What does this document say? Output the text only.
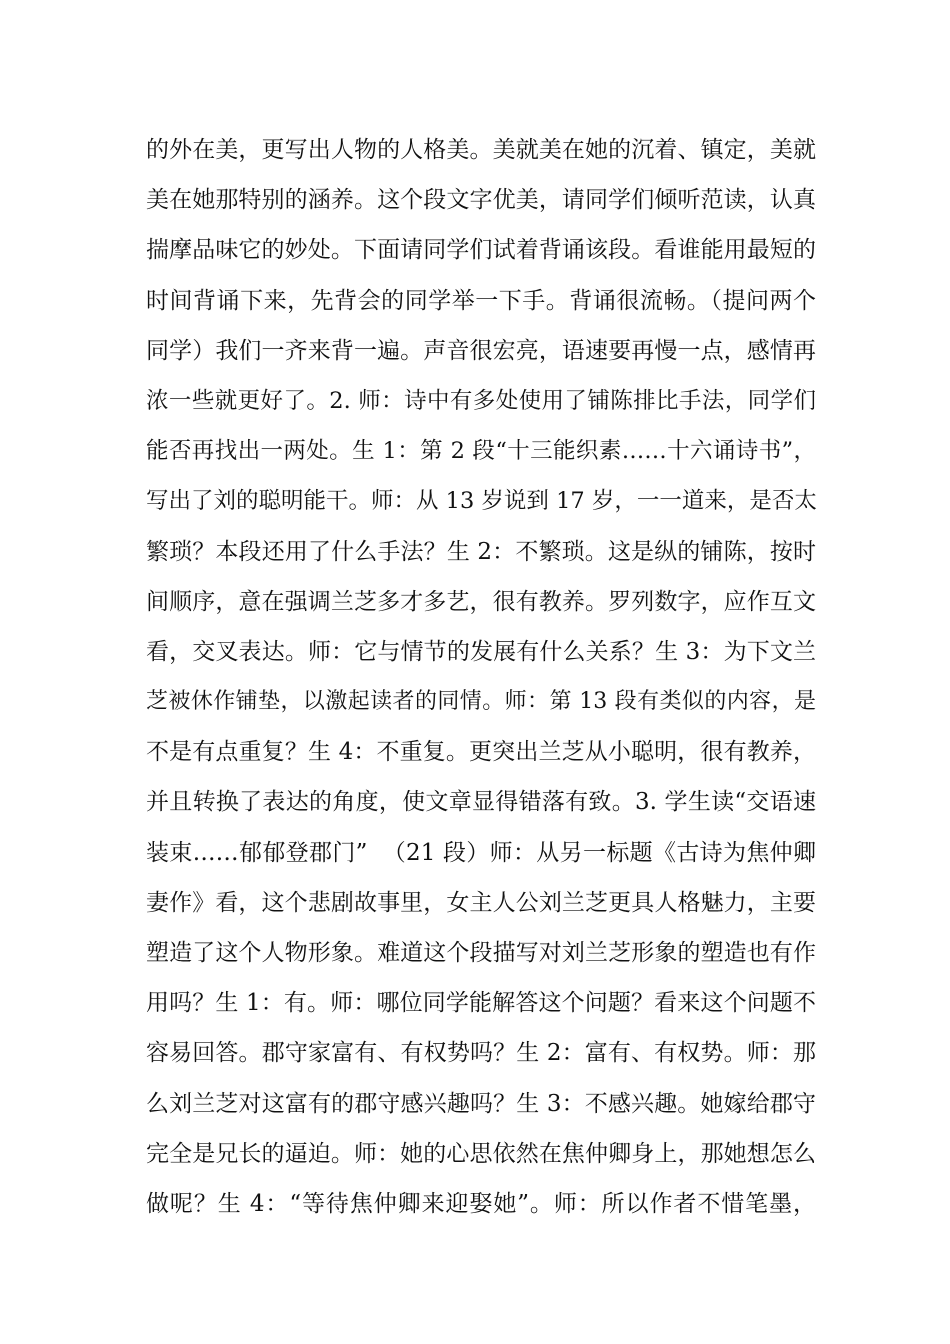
的外在美，更写出人物的人格美。美就美在她的沉着、镇定，美就
美在她那特别的涵养。这个段文字优美，请同学们倾听范读，认真
揣摩品味它的妙处。下面请同学们试着背诵该段。看谁能用最短的
时间背诵下来，先背会的同学举一下手。背诵很流畅。（提问两个
同学）我们一齐来背一遍。声音很宏亮，语速要再慢一点，感情再
浓一些就更好了。2. 师：诗中有多处使用了铺陈排比手法，同学们
能否再找出一两处。生 1：第 2 段“十三能织素……十六诵诗书”，
写出了刘的聪明能干。师：从 13 岁说到 17 岁，一一道来，是否太
繁琐？本段还用了什么手法？生 2：不繁琐。这是纵的铺陈，按时
间顺序，意在强调兰芝多才多艺，很有教养。罗列数字，应作互文
看，交叉表达。师：它与情节的发展有什么关系？生 3：为下文兰
芝被休作铺垫，以激起读者的同情。师：第 13 段有类似的内容，是
不是有点重复？生 4：不重复。更突出兰芝从小聪明，很有教养，
并且转换了表达的角度，使文章显得错落有致。3. 学生读“交语速
装束……郁郁登郡门”  （21 段）师：从另一标题《古诗为焦仲卿
妻作》看，这个悲剧故事里，女主人公刘兰芝更具人格魅力，主要
塑造了这个人物形象。难道这个段描写对刘兰芝形象的塑造也有作
用吗？生 1：有。师：哪位同学能解答这个问题？看来这个问题不
容易回答。郡守家富有、有权势吗？生 2：富有、有权势。师：那
么刘兰芝对这富有的郡守感兴趣吗？生 3：不感兴趣。她嫁给郡守
完全是兄长的逼迫。师：她的心思依然在焦仲卿身上，那她想怎么
做呢？生 4：“等待焦仲卿来迎娶她”。师：所以作者不惜笔墨，
